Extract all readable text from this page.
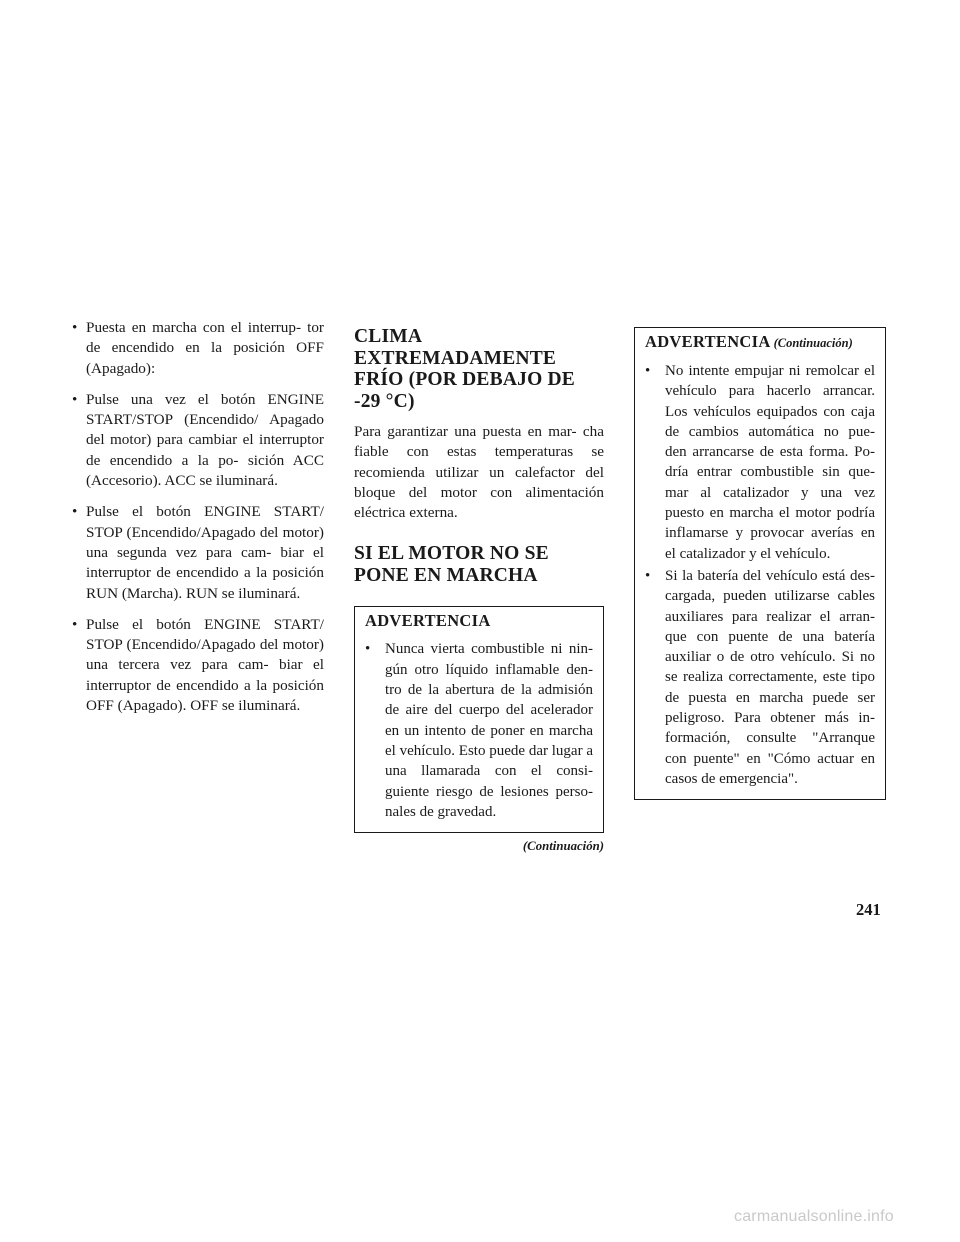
• Puesta en marcha con el interrup- tor de encendido en la posición OFF (Apagado):
• Pulse una vez el botón ENGINE START/STOP (Encendido/ Apagado del motor) para cambiar el interruptor de encendido a la po- sición ACC (Accesorio). ACC se iluminará.
• Pulse el botón ENGINE START/ STOP (Encendido/Apagado del motor) una segunda vez para cam- biar el interruptor de encendido a la posición RUN (Marcha). RUN se iluminará.
• Pulse el botón ENGINE START/ STOP (Encendido/Apagado del motor) una tercera vez para cam- biar el interruptor de encendido a la posición OFF (Apagado). OFF se iluminará.
CLIMA EXTREMADAMENTE FRÍO (POR DEBAJO DE -29 °C)

Para garantizar una puesta en mar- cha fiable con estas temperaturas se recomienda utilizar un calefactor del bloque del motor con alimentación eléctrica externa.

SI EL MOTOR NO SE PONE EN MARCHA
ADVERTENCIA
• Nunca vierta combustible ni nin- gún otro líquido inflamable den- tro de la abertura de la admisión de aire del cuerpo del acelerador en un intento de poner en marcha el vehículo. Esto puede dar lugar a una llamarada con el consi- guiente riesgo de lesiones perso- nales de gravedad.
(Continuación)
ADVERTENCIA (Continuación)
• No intente empujar ni remolcar el vehículo para hacerlo arrancar. Los vehículos equipados con caja de cambios automática no pue- den arrancarse de esta forma. Po- dría entrar combustible sin que- mar al catalizador y una vez puesto en marcha el motor podría inflamarse y provocar averías en el catalizador y el vehículo.
• Si la batería del vehículo está des- cargada, pueden utilizarse cables auxiliares para realizar el arran- que con puente de una batería auxiliar o de otro vehículo. Si no se realiza correctamente, este tipo de puesta en marcha puede ser peligroso. Para obtener más in- formación, consulte "Arranque con puente" en "Cómo actuar en casos de emergencia".
241
carmanualsonline.info
